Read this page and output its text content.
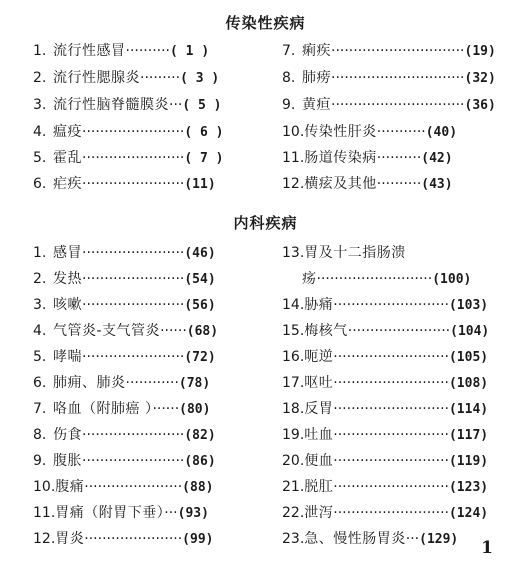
传染性疾病
1. 流行性感冒··········( 1 )
2. 流行性腮腺炎·········( 3 )
3. 流行性脑脊髓膜炎···( 5 )
4. 瘟疫·······················( 6 )
5. 霍乱·······················( 7 )
6. 疟疾·······················(11)
7. 痢疾······························(19)
8. 肺痨······························(32)
9. 黄疸······························(36)
10.传染性肝炎···········(40)
11.肠道传染病··········(42)
12.横痃及其他··········(43)
内科疾病
1. 感冒·······················(46)
2. 发热·······················(54)
3. 咳嗽·······················(56)
4. 气管炎-支气管炎······(68)
5. 哮喘·······················(72)
6. 肺痈、肺炎············(78)
7. 咯血（附肺癌 ）······(80)
8. 伤食·······················(82)
9. 腹胀·······················(86)
10.腹痛······················(88)
11.胃痛（附胃下垂）···(93)
12.胃炎······················(99)
13.胃及十二指肠溃
疡··························(100)
14.胁痛··························(103)
15.梅核气·······················(104)
16.呃逆··························(105)
17.呕吐··························(108)
18.反胃··························(114)
19.吐血··························(117)
20.便血··························(119)
21.脱肛··························(123)
22.泄泻··························(124)
23.急、慢性肠胃炎···(129) 1
